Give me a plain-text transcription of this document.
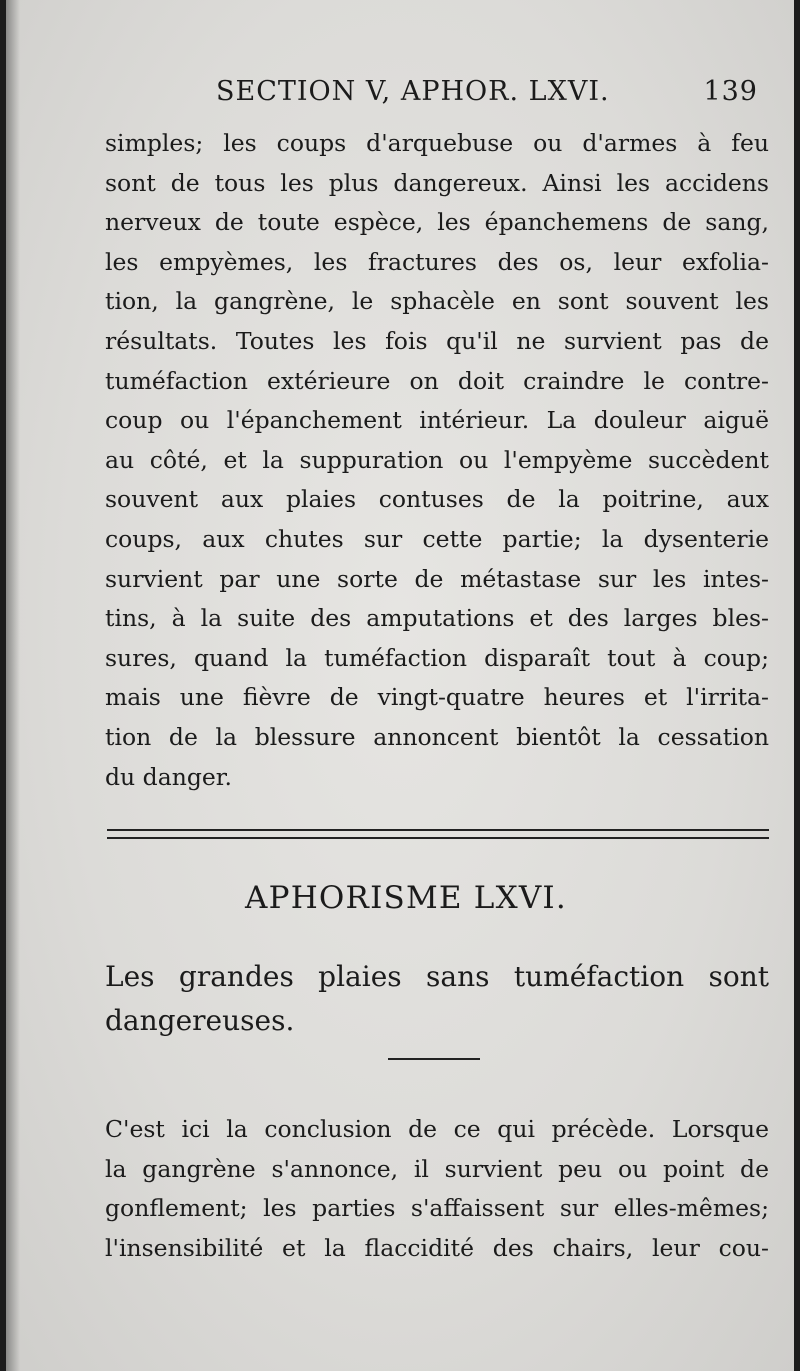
SECTION V, APHOR. LXVI.	139
simples; les coups d'arquebuse ou d'armes à feu
sont de tous les plus dangereux. Ainsi les accidens
nerveux de toute espèce, les épanchemens de sang,
les empyèmes, les fractures des os, leur exfolia-
tion, la gangrène, le sphacèle en sont souvent les
résultats. Toutes les fois qu'il ne survient pas de
tuméfaction extérieure on doit craindre le contre-
coup ou l'épanchement intérieur. La douleur aiguë
au côté, et la suppuration ou l'empyème succèdent
souvent aux plaies contuses de la poitrine, aux
coups, aux chutes sur cette partie; la dysenterie
survient par une sorte de métastase sur les intes-
tins, à la suite des amputations et des larges bles-
sures, quand la tuméfaction disparaît tout à coup;
mais une fièvre de vingt-quatre heures et l'irrita-
tion de la blessure annoncent bientôt la cessation
du danger.
APHORISME LXVI.
Les grandes plaies sans tuméfaction sont
dangereuses.
C'est ici la conclusion de ce qui précède. Lorsque
la gangrène s'annonce, il survient peu ou point de
gonflement; les parties s'affaissent sur elles-mêmes;
l'insensibilité et la flaccidité des chairs, leur cou-
